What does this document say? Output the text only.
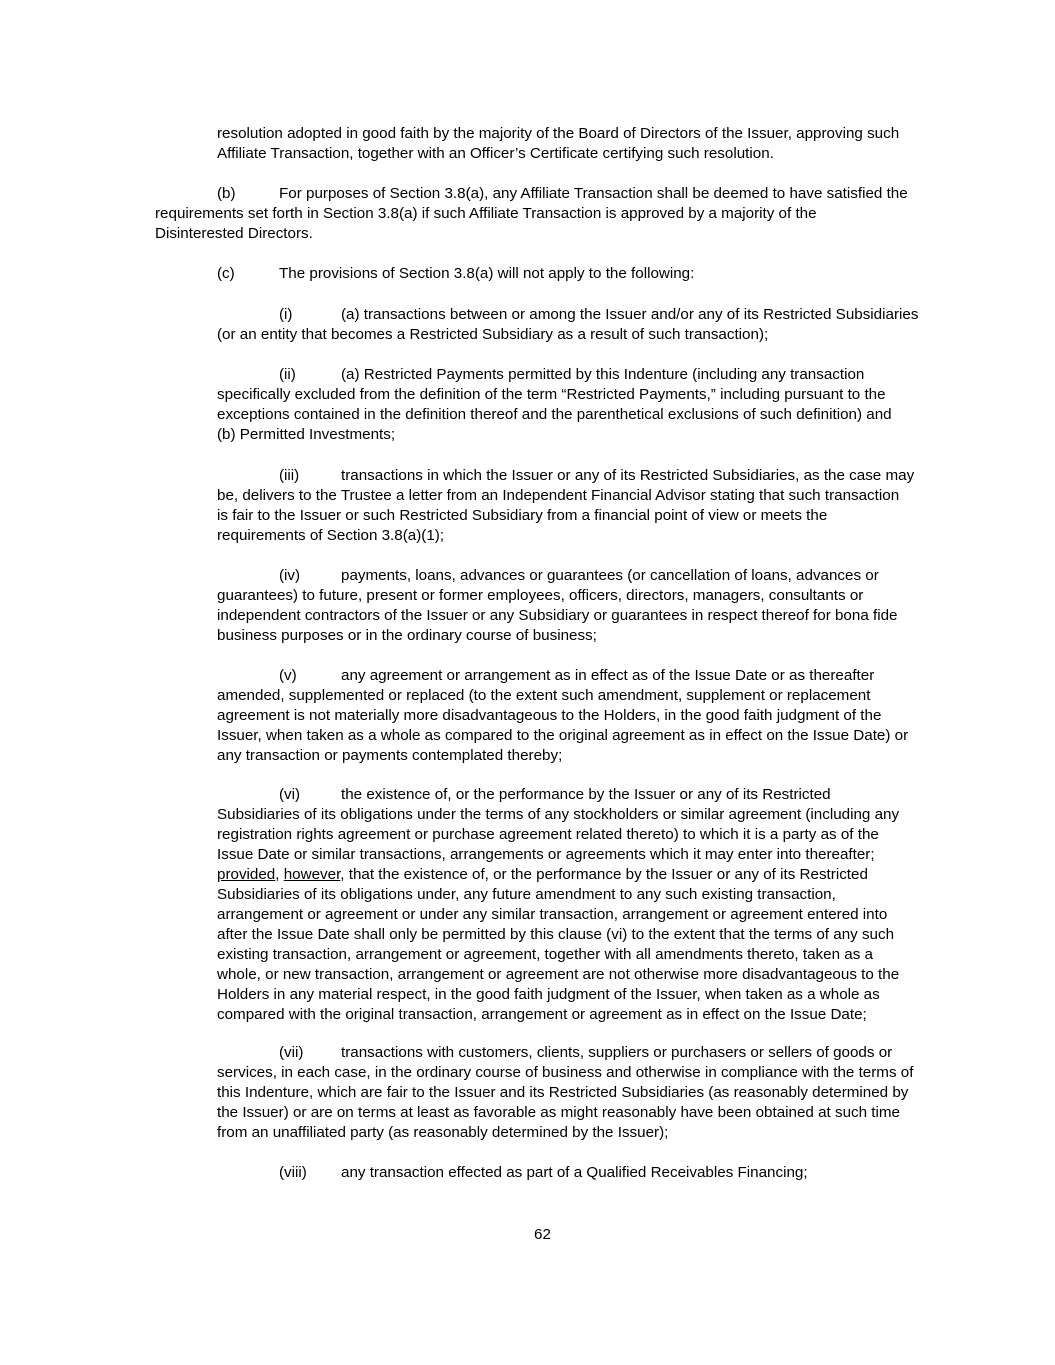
resolution adopted in good faith by the majority of the Board of Directors of the Issuer, approving such
Affiliate Transaction, together with an Officer’s Certificate certifying such resolution.
(b)	For purposes of Section 3.8(a), any Affiliate Transaction shall be deemed to have satisfied the
requirements set forth in Section 3.8(a) if such Affiliate Transaction is approved by a majority of the
Disinterested Directors.
(c)	The provisions of Section 3.8(a) will not apply to the following:
(i)	(a) transactions between or among the Issuer and/or any of its Restricted Subsidiaries
(or an entity that becomes a Restricted Subsidiary as a result of such transaction);
(ii)	(a) Restricted Payments permitted by this Indenture (including any transaction
specifically excluded from the definition of the term “Restricted Payments,” including pursuant to the
exceptions contained in the definition thereof and the parenthetical exclusions of such definition) and
(b) Permitted Investments;
(iii)	transactions in which the Issuer or any of its Restricted Subsidiaries, as the case may
be, delivers to the Trustee a letter from an Independent Financial Advisor stating that such transaction
is fair to the Issuer or such Restricted Subsidiary from a financial point of view or meets the
requirements of Section 3.8(a)(1);
(iv)	payments, loans, advances or guarantees (or cancellation of loans, advances or
guarantees) to future, present or former employees, officers, directors, managers, consultants or
independent contractors of the Issuer or any Subsidiary or guarantees in respect thereof for bona fide
business purposes or in the ordinary course of business;
(v)	any agreement or arrangement as in effect as of the Issue Date or as thereafter
amended, supplemented or replaced (to the extent such amendment, supplement or replacement
agreement is not materially more disadvantageous to the Holders, in the good faith judgment of the
Issuer, when taken as a whole as compared to the original agreement as in effect on the Issue Date) or
any transaction or payments contemplated thereby;
(vi)	the existence of, or the performance by the Issuer or any of its Restricted
Subsidiaries of its obligations under the terms of any stockholders or similar agreement (including any
registration rights agreement or purchase agreement related thereto) to which it is a party as of the
Issue Date or similar transactions, arrangements or agreements which it may enter into thereafter;
provided, however, that the existence of, or the performance by the Issuer or any of its Restricted
Subsidiaries of its obligations under, any future amendment to any such existing transaction,
arrangement or agreement or under any similar transaction, arrangement or agreement entered into
after the Issue Date shall only be permitted by this clause (vi) to the extent that the terms of any such
existing transaction, arrangement or agreement, together with all amendments thereto, taken as a
whole, or new transaction, arrangement or agreement are not otherwise more disadvantageous to the
Holders in any material respect, in the good faith judgment of the Issuer, when taken as a whole as
compared with the original transaction, arrangement or agreement as in effect on the Issue Date;
(vii) transactions with customers, clients, suppliers or purchasers or sellers of goods or
services, in each case, in the ordinary course of business and otherwise in compliance with the terms of
this Indenture, which are fair to the Issuer and its Restricted Subsidiaries (as reasonably determined by
the Issuer) or are on terms at least as favorable as might reasonably have been obtained at such time
from an unaffiliated party (as reasonably determined by the Issuer);
(viii) any transaction effected as part of a Qualified Receivables Financing;
62
